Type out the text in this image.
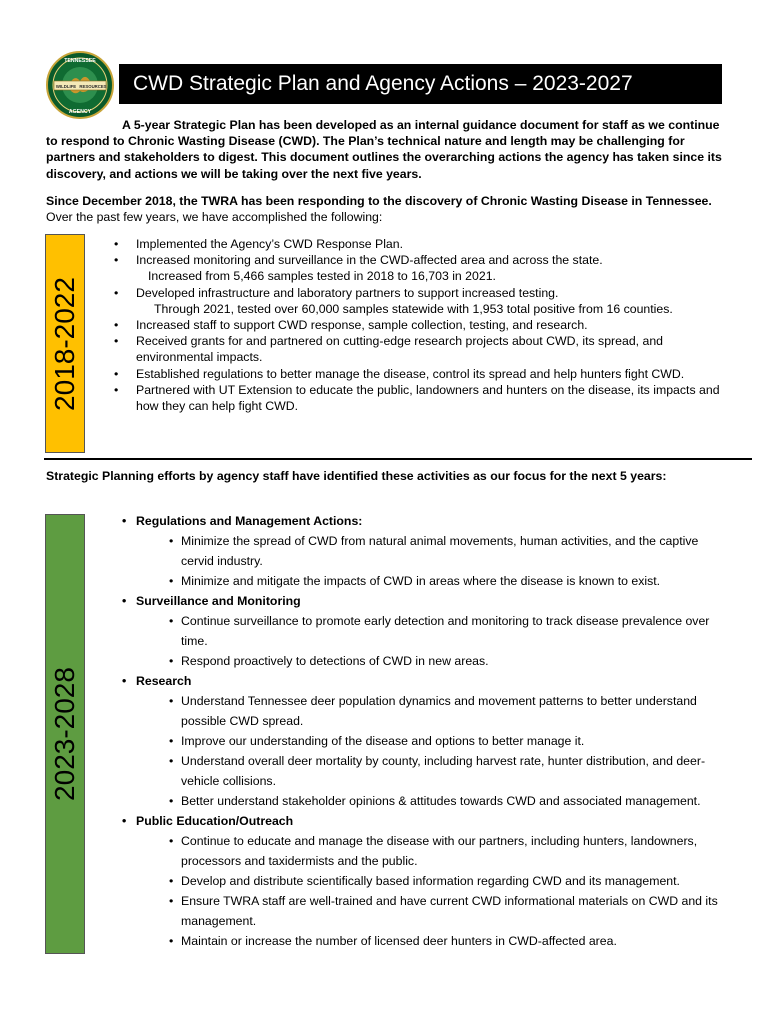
TENNESSEE
WILDLIFE RESOURCES
AGENCY
CWD Strategic Plan and Agency Actions – 2023-2027
A 5-year Strategic Plan has been developed as an internal guidance document for staff as we continue to respond to Chronic Wasting Disease (CWD). The Plan’s technical nature and length may be challenging for partners and stakeholders to digest. This document outlines the overarching actions the agency has taken since its discovery, and actions we will be taking over the next five years.
Since December 2018, the TWRA has been responding to the discovery of Chronic Wasting Disease in Tennessee.
Over the past few years, we have accomplished the following:
2018-2022
• Implemented the Agency’s CWD Response Plan.
• Increased monitoring and surveillance in the CWD-affected area and across the state.
Increased from 5,466 samples tested in 2018 to 16,703 in 2021.
• Developed infrastructure and laboratory partners to support increased testing.
Through 2021, tested over 60,000 samples statewide with 1,953 total positive from 16 counties.
• Increased staff to support CWD response, sample collection, testing, and research.
• Received grants for and partnered on cutting-edge research projects about CWD, its spread, and environmental impacts.
• Established regulations to better manage the disease, control its spread and help hunters fight CWD.
• Partnered with UT Extension to educate the public, landowners and hunters on the disease, its impacts and how they can help fight CWD.
Strategic Planning efforts by agency staff have identified these activities as our focus for the next 5 years:
2023-2028
• Regulations and Management Actions:
• Minimize the spread of CWD from natural animal movements, human activities, and the captive cervid industry.
• Minimize and mitigate the impacts of CWD in areas where the disease is known to exist.
• Surveillance and Monitoring
• Continue surveillance to promote early detection and monitoring to track disease prevalence over time.
• Respond proactively to detections of CWD in new areas.
• Research
• Understand Tennessee deer population dynamics and movement patterns to better understand possible CWD spread.
• Improve our understanding of the disease and options to better manage it.
• Understand overall deer mortality by county, including harvest rate, hunter distribution, and deer-vehicle collisions.
• Better understand stakeholder opinions & attitudes towards CWD and associated management.
• Public Education/Outreach
• Continue to educate and manage the disease with our partners, including hunters, landowners, processors and taxidermists and the public.
• Develop and distribute scientifically based information regarding CWD and its management.
• Ensure TWRA staff are well-trained and have current CWD informational materials on CWD and its management.
• Maintain or increase the number of licensed deer hunters in CWD-affected area.
